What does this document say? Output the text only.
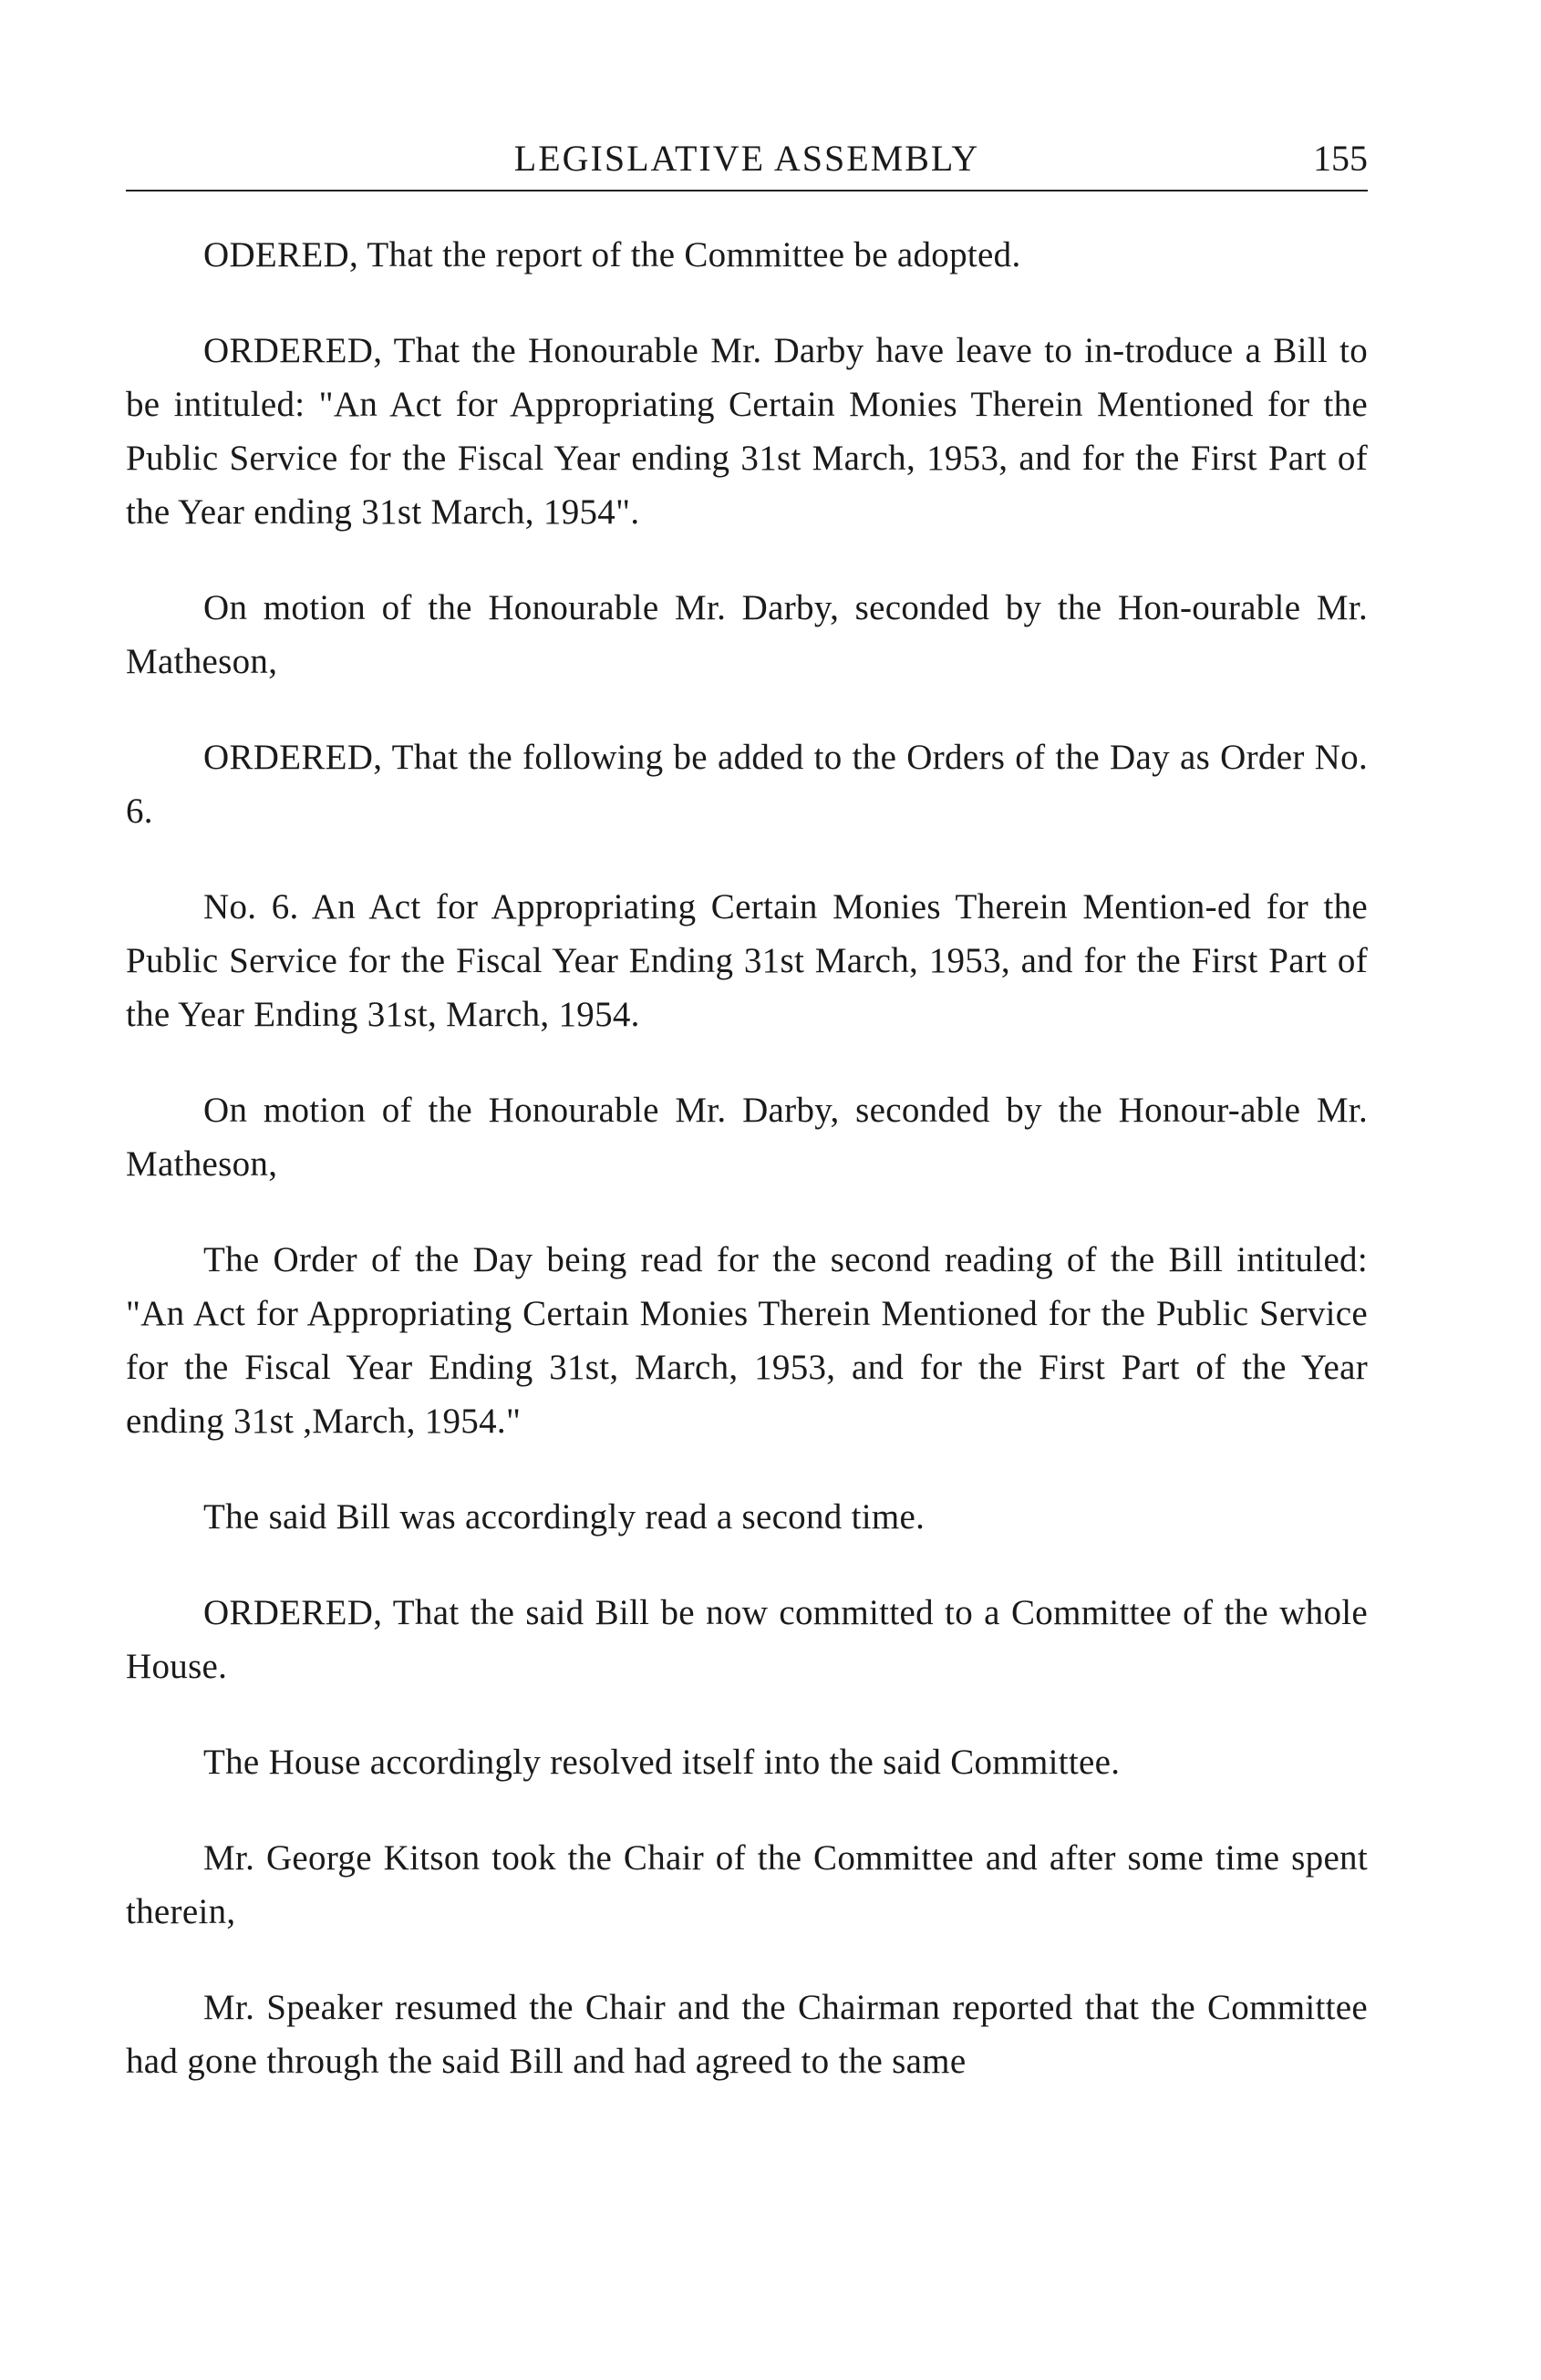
LEGISLATIVE ASSEMBLY	155

ODERED, That the report of the Committee be adopted.

ORDERED, That the Honourable Mr. Darby have leave to in-troduce a Bill to be intituled: "An Act for Appropriating Certain Monies Therein Mentioned for the Public Service for the Fiscal Year ending 31st March, 1953, and for the First Part of the Year ending 31st March, 1954".

On motion of the Honourable Mr. Darby, seconded by the Hon-ourable Mr. Matheson,

ORDERED, That the following be added to the Orders of the Day as Order No. 6.

No. 6. An Act for Appropriating Certain Monies Therein Mention-ed for the Public Service for the Fiscal Year Ending 31st March, 1953, and for the First Part of the Year Ending 31st, March, 1954.

On motion of the Honourable Mr. Darby, seconded by the Honour-able Mr. Matheson,

The Order of the Day being read for the second reading of the Bill intituled: "An Act for Appropriating Certain Monies Therein Mentioned for the Public Service for the Fiscal Year Ending 31st, March, 1953, and for the First Part of the Year ending 31st ,March, 1954."

The said Bill was accordingly read a second time.

ORDERED, That the said Bill be now committed to a Committee of the whole House.

The House accordingly resolved itself into the said Committee.

Mr. George Kitson took the Chair of the Committee and after some time spent therein,

Mr. Speaker resumed the Chair and the Chairman reported that the Committee had gone through the said Bill and had agreed to the same
